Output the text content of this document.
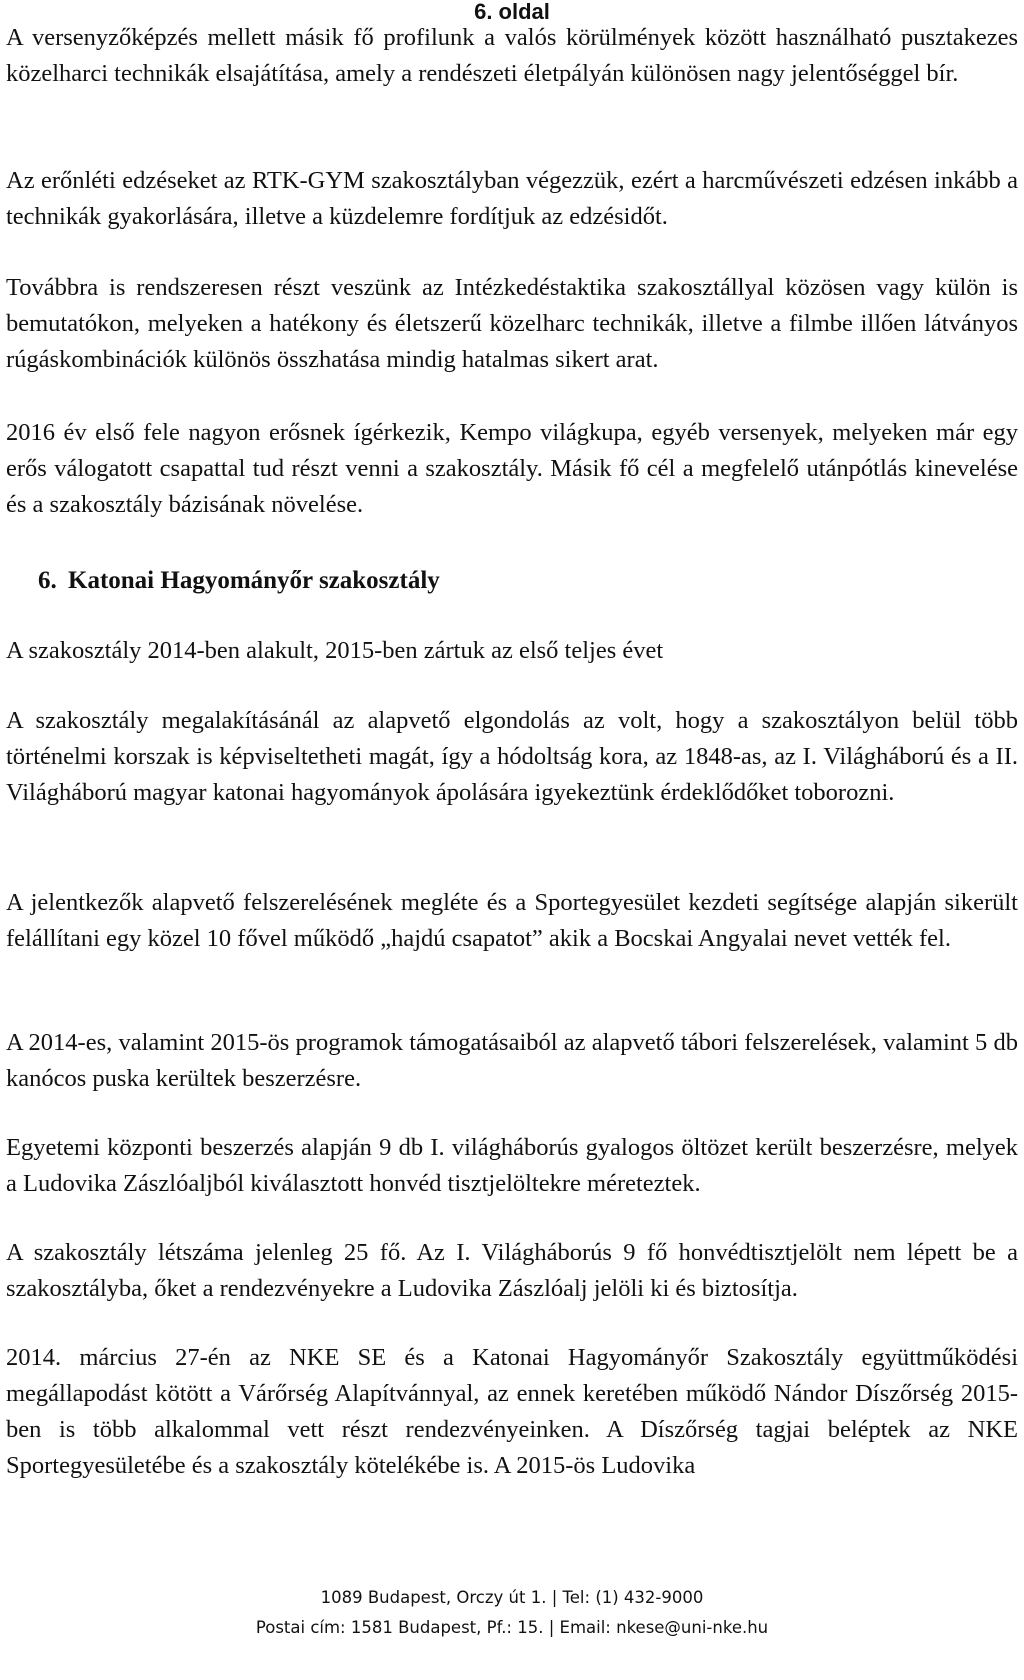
6. oldal

A versenyzőképzés mellett másik fő profilunk a valós körülmények között használható pusztakezes közelharci technikák elsajátítása, amely a rendészeti életpályán különösen nagy jelentőséggel bír.

Az erőnléti edzéseket az RTK-GYM szakosztályban végezzük, ezért a harcművészeti edzésen inkább a technikák gyakorlására, illetve a küzdelemre fordítjuk az edzésidőt.

Továbbra is rendszeresen részt veszünk az Intézkedéstaktika szakosztállyal közösen vagy külön is bemutatókon, melyeken a hatékony és életszerű közelharc technikák, illetve a filmbe illően látványos rúgáskombinációk különös összhatása mindig hatalmas sikert arat.

2016 év első fele nagyon erősnek ígérkezik, Kempo világkupa, egyéb versenyek, melyeken már egy erős válogatott csapattal tud részt venni a szakosztály. Másik fő cél a megfelelő utánpótlás kinevelése és a szakosztály bázisának növelése.

6. Katonai Hagyományőr szakosztály

A szakosztály 2014-ben alakult, 2015-ben zártuk az első teljes évet

A szakosztály megalakításánál az alapvető elgondolás az volt, hogy a szakosztályon belül több történelmi korszak is képviseltetheti magát, így a hódoltság kora, az 1848-as, az I. Világháború és a II. Világháború magyar katonai hagyományok ápolására igyekeztünk érdeklődőket toborozni.

A jelentkezők alapvető felszerelésének megléte és a Sportegyesület kezdeti segítsége alapján sikerült felállítani egy közel 10 fővel működő „hajdú csapatot” akik a Bocskai Angyalai nevet vették fel.

A 2014-es, valamint 2015-ös programok támogatásaiból az alapvető tábori felszerelések, valamint 5 db kanócos puska kerültek beszerzésre.

Egyetemi központi beszerzés alapján 9 db I. világháborús gyalogos öltözet került beszerzésre, melyek a Ludovika Zászlóaljból kiválasztott honvéd tisztjelöltekre méreteztek.

A szakosztály létszáma jelenleg 25 fő. Az I. Világháborús 9 fő honvédtisztjelölt nem lépett be a szakosztályba, őket a rendezvényekre a Ludovika Zászlóalj jelöli ki és biztosítja.

2014. március 27-én az NKE SE és a Katonai Hagyományőr Szakosztály együttműködési megállapodást kötött a Várőrség Alapítvánnyal, az ennek keretében működő Nándor Díszőrség 2015-ben is több alkalommal vett részt rendezvényeinken. A Díszőrség tagjai beléptek az NKE Sportegyesületébe és a szakosztály kötelékébe is. A 2015-ös Ludovika

1089 Budapest, Orczy út 1. | Tel: (1) 432-9000
Postai cím: 1581 Budapest, Pf.: 15. | Email: nkese@uni-nke.hu
